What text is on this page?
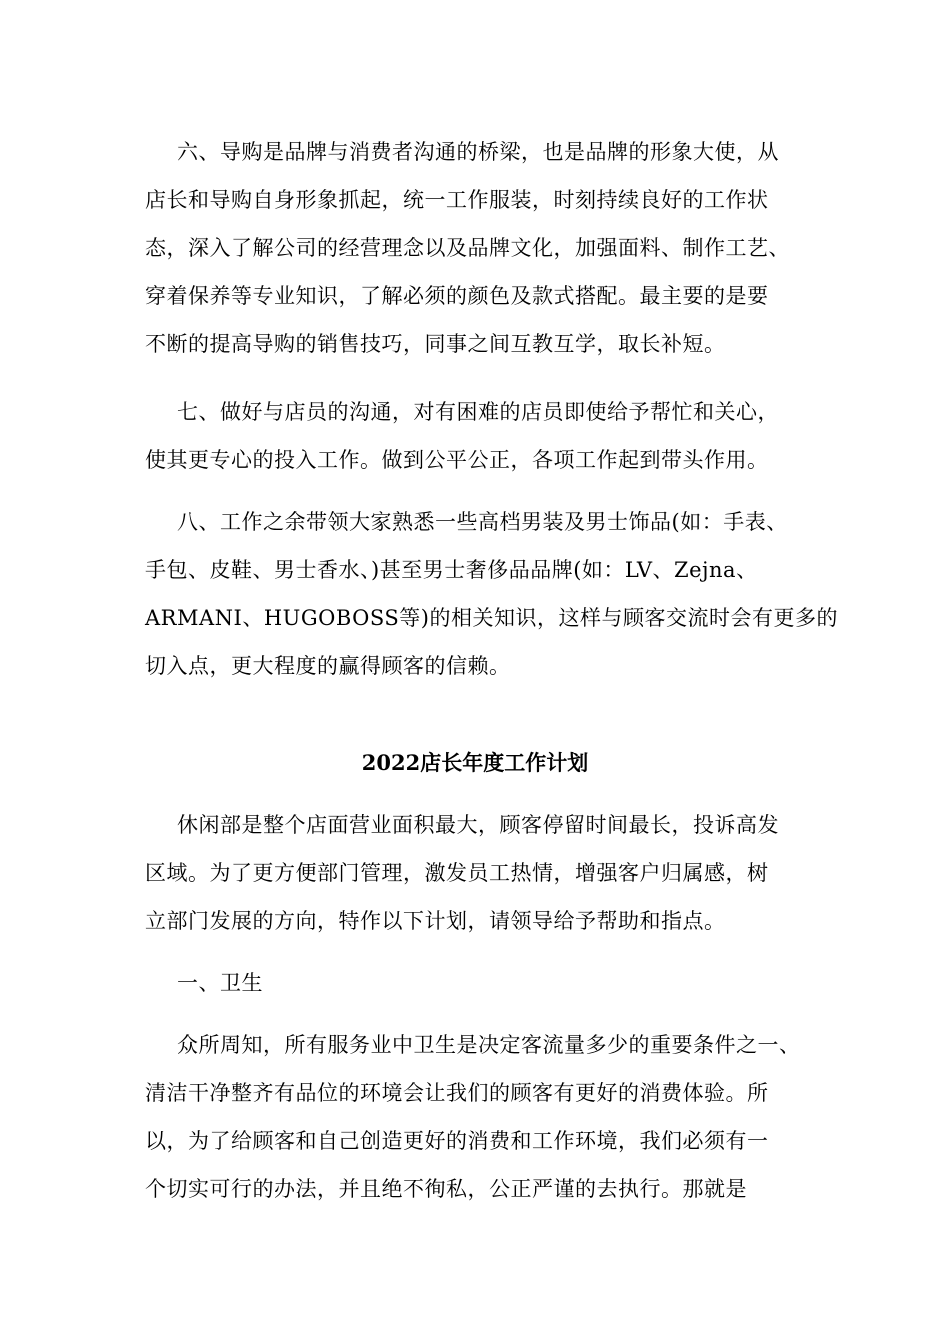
六、导购是品牌与消费者沟通的桥梁，也是品牌的形象大使，从
店长和导购自身形象抓起，统一工作服装，时刻持续良好的工作状
态，深入了解公司的经营理念以及品牌文化，加强面料、制作工艺、
穿着保养等专业知识，了解必须的颜色及款式搭配。最主要的是要
不断的提高导购的销售技巧，同事之间互教互学，取长补短。
七、做好与店员的沟通，对有困难的店员即使给予帮忙和关心，
使其更专心的投入工作。做到公平公正，各项工作起到带头作用。
八、工作之余带领大家熟悉一些高档男装及男士饰品(如：手表、
手包、皮鞋、男士香水、)甚至男士奢侈品品牌(如：LV、Zejna、
ARMANI、HUGOBOSS等)的相关知识，这样与顾客交流时会有更多的
切入点，更大程度的赢得顾客的信赖。
2022店长年度工作计划
休闲部是整个店面营业面积最大，顾客停留时间最长，投诉高发
区域。为了更方便部门管理，激发员工热情，增强客户归属感，树
立部门发展的方向，特作以下计划，请领导给予帮助和指点。
一、卫生
众所周知，所有服务业中卫生是决定客流量多少的重要条件之一、
清洁干净整齐有品位的环境会让我们的顾客有更好的消费体验。所
以，为了给顾客和自己创造更好的消费和工作环境，我们必须有一
个切实可行的办法，并且绝不徇私，公正严谨的去执行。那就是
